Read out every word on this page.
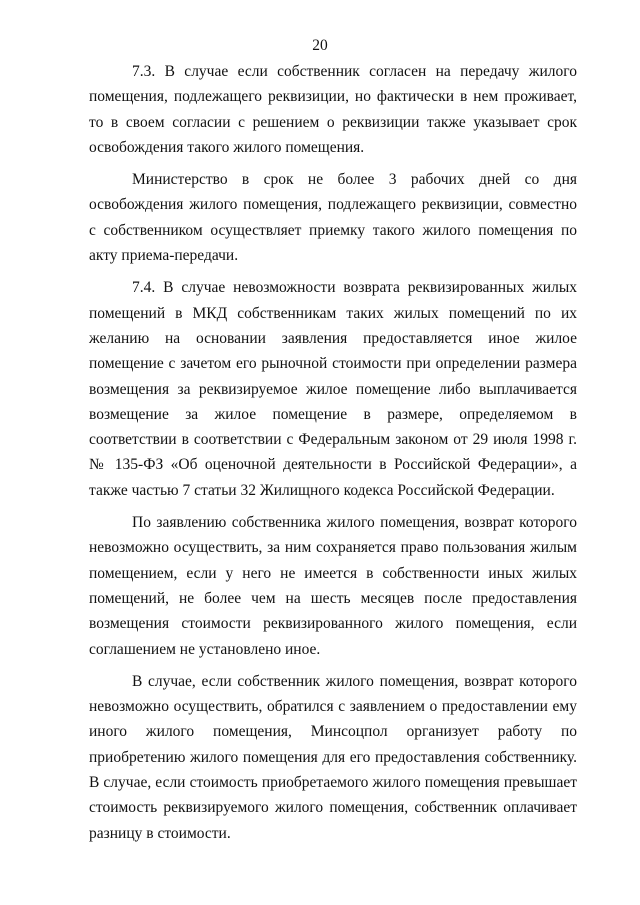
20

7.3. В случае если собственник согласен на передачу жилого помещения, подлежащего реквизиции, но фактически в нем проживает, то в своем согласии с решением о реквизиции также указывает срок освобождения такого жилого помещения.

Министерство в срок не более 3 рабочих дней со дня освобождения жилого помещения, подлежащего реквизиции, совместно с собственником осуществляет приемку такого жилого помещения по акту приема-передачи.

7.4. В случае невозможности возврата реквизированных жилых помещений в МКД собственникам таких жилых помещений по их желанию на основании заявления предоставляется иное жилое помещение с зачетом его рыночной стоимости при определении размера возмещения за реквизируемое жилое помещение либо выплачивается возмещение за жилое помещение в размере, определяемом в соответствии в соответствии с Федеральным законом от 29 июля 1998 г. № 135-ФЗ «Об оценочной деятельности в Российской Федерации», а также частью 7 статьи 32 Жилищного кодекса Российской Федерации.

По заявлению собственника жилого помещения, возврат которого невозможно осуществить, за ним сохраняется право пользования жилым помещением, если у него не имеется в собственности иных жилых помещений, не более чем на шесть месяцев после предоставления возмещения стоимости реквизированного жилого помещения, если соглашением не установлено иное.

В случае, если собственник жилого помещения, возврат которого невозможно осуществить, обратился с заявлением о предоставлении ему иного жилого помещения, Минсоцпол организует работу по приобретению жилого помещения для его предоставления собственнику. В случае, если стоимость приобретаемого жилого помещения превышает стоимость реквизируемого жилого помещения, собственник оплачивает разницу в стоимости.
